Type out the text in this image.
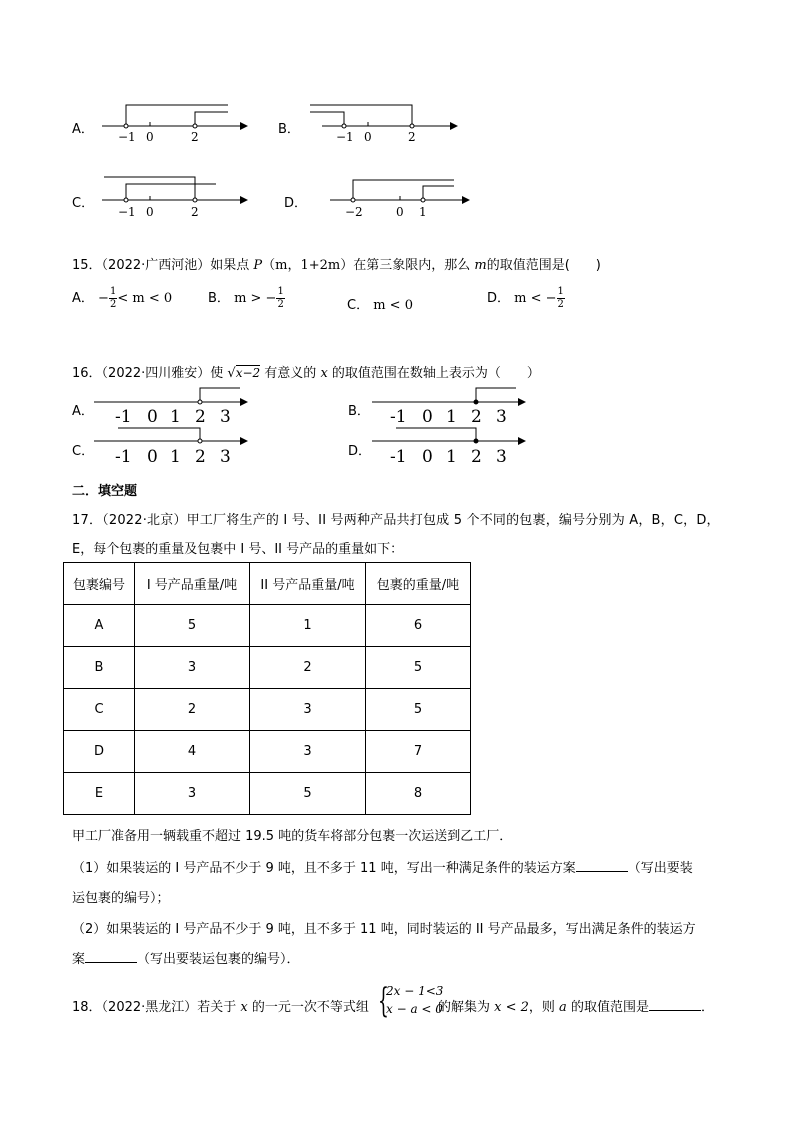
A． −1 0	2	B．	−1 0	2
C．
−1 0	2
D．
−2	0 1
15．（2022·广西河池）如果点 P（m，1+2m）在第三象限内，那么 m的取值范围是(　　)
A． − $\frac{1}{2} < m < 0$	B． m > − $\frac{1}{2}$	C． m < 0	D． m < − $\frac{1}{2}$
16．（2022·四川雅安）使 √x−2 有意义的 x 的取值范围在数轴上表示为（　　）
A． -1 0 1 2 3	B． -1 0 1 2 3
C． -1 0 1 2 3	D． -1 0 1 2 3
二．填空题
17．（2022·北京）甲工厂将生产的 I 号、II 号两种产品共打包成 5 个不同的包裹，编号分别为 A，B，C，D，
E，每个包裹的重量及包裹中 I 号、II 号产品的重量如下：
包裹编号	I 号产品重量/吨	II 号产品重量/吨	包裹的重量/吨
A	5	1	6
B	3	2	5
C	2	3	5
D	4	3	7
E	3	5	8
甲工厂准备用一辆载重不超过 19.5 吨的货车将部分包裹一次运送到乙工厂．
（1）如果装运的 I 号产品不少于 9 吨，且不多于 11 吨，写出一种满足条件的装运方案	（写出要装
运包裹的编号）；
（2）如果装运的 I 号产品不少于 9 吨，且不多于 11 吨，同时装运的 II 号产品最多，写出满足条件的装运方
案	（写出要装运包裹的编号）．
18．（2022·黑龙江）若关于 x 的一元一次不等式组 {
2x − 1<3
x − a < 0
的解集为 x < 2，则 a 的取值范围是	．
